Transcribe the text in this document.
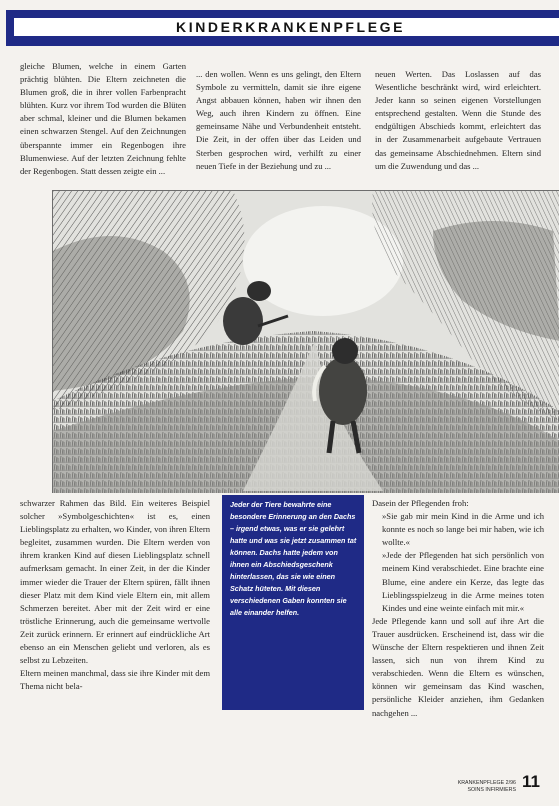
KINDERKRANKENPFLEGE

gleiche Blumen, welche in einem Garten prächtig blühten. Die Eltern zeichneten die Blumen groß, die in ihrer vollen Farbenpracht blühten. Kurz vor ihrem Tod wurden die Blüten aber schmal, kleiner und die Blumen bekamen einen schwarzen Stengel. Auf den Zeichnungen überspannte immer ein Regenbogen ihre Blumenwiese. Auf der letzten Zeichnung fehlte der Regenbogen. Statt dessen zeigte ein ...

... den wollen. Wenn es uns gelingt, den Eltern Symbole zu vermitteln, damit sie ihre eigene Angst abbauen können, haben wir ihnen den Weg, auch ihren Kindern zu öffnen. Eine gemeinsame Nähe und Verbundenheit entsteht. Die Zeit, in der offen über das Leiden und Sterben gesprochen wird, verhilft zu einer neuen Tiefe in der Beziehung und zu ...

neuen Werten. Das Loslassen auf das Wesentliche beschränkt wird, wird erleichtert. Jeder kann so seinen eigenen Vorstellungen entsprechend gestalten. Wenn die Stunde des endgültigen Abschieds kommt, erleichtert das in der Zusammenarbeit aufgebaute Vertrauen das gemeinsame Abschiednehmen. Eltern sind um die Zuwendung und das ...

Jeder der Tiere bewahrte eine besondere Erinnerung an den Dachs – irgend etwas, was er sie gelehrt hatte und was sie jetzt zusammen tat können. Dachs hatte jedem von ihnen ein Abschiedsgeschenk hinterlassen, das sie wie einen Schatz hüteten. Mit diesen verschiedenen Gaben konnten sie alle einander helfen.

schwarzer Rahmen das Bild. Ein weiteres Beispiel solcher »Symbolgeschichten« ist es, einen Lieblingsplatz zu erhalten, wo Kinder, von ihren Eltern begleitet, zusammen wurden. Die Eltern werden von ihrem kranken Kind auf diesen Lieblingsplatz schnell aufmerksam gemacht. In einer Zeit, in der die Kinder immer wieder die Trauer der Eltern spüren, fällt ihnen dieser Platz mit dem Kind viele Eltern ein, mit allem Schmerzen bereitet. Aber mit der Zeit wird er eine tröstliche Erinnerung, auch die gemeinsame wertvolle Zeit zurück erinnern. Er erinnert auf eindrückliche Art ebenso an ein Menschen geliebt und verloren, als es selbst zu Lebzeiten.

Eltern meinen manchmal, dass sie ihre Kinder mit dem Thema nicht bela-

Dasein der Pflegenden froh:

»Sie gab mir mein Kind in die Arme und ich konnte es noch so lange bei mir haben, wie ich wollte.«

»Jede der Pflegenden hat sich persönlich von meinem Kind verabschiedet. Eine brachte eine Blume, eine andere ein Kerze, das legte das Lieblingsspielzeug in die Arme meines toten Kindes und eine weinte einfach mit mir.«

Jede Pflegende kann und soll auf ihre Art die Trauer ausdrücken. Erscheinend ist, dass wir die Wünsche der Eltern respektieren und ihnen Zeit lassen, sich nun von ihrem Kind zu verabschieden. Wenn die Eltern es wünschen, können wir gemeinsam das Kind waschen, persönliche Kleider anziehen, ihm Gedanken nachgehen ...

KRANKENPFLEGE 2/96
SOINS INFIRMIERS 11
